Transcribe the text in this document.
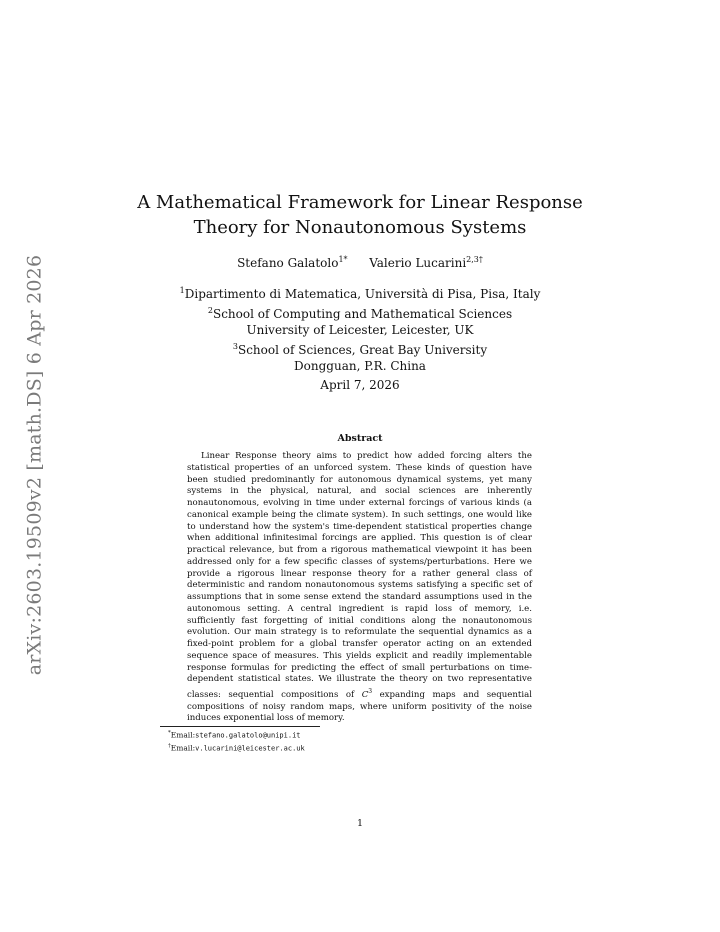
arXiv:2603.19509v2 [math.DS] 6 Apr 2026
A Mathematical Framework for Linear Response
Theory for Nonautonomous Systems
Stefano Galatolo$^{1*}$ Valerio Lucarini$^{2,3\dagger}$
$^1$Dipartimento di Matematica, Università di Pisa, Pisa, Italy
$^2$School of Computing and Mathematical Sciences
University of Leicester, Leicester, UK
$^3$School of Sciences, Great Bay University
Dongguan, P.R. China
April 7, 2026
Abstract
Linear Response theory aims to predict how added forcing alters the statistical properties of an unforced system. These kinds of question have been studied predominantly for autonomous dynamical systems, yet many systems in the physical, natural, and social sciences are inherently nonautonomous, evolving in time under external forcings of various kinds (a canonical example being the climate system). In such settings, one would like to understand how the system's time-dependent statistical properties change when additional infinitesimal forcings are applied. This question is of clear practical relevance, but from a rigorous mathematical viewpoint it has been addressed only for a few specific classes of systems/perturbations. Here we provide a rigorous linear response theory for a rather general class of deterministic and random nonautonomous systems satisfying a specific set of assumptions that in some sense extend the standard assumptions used in the autonomous setting. A central ingredient is rapid loss of memory, i.e. sufficiently fast forgetting of initial conditions along the nonautonomous evolution. Our main strategy is to reformulate the sequential dynamics as a fixed-point problem for a global transfer operator acting on an extended sequence space of measures. This yields explicit and readily implementable response formulas for predicting the effect of small perturbations on time-dependent statistical states. We illustrate the theory on two representative classes: sequential compositions of $C^3$ expanding maps and sequential compositions of noisy random maps, where uniform positivity of the noise induces exponential loss of memory.
*Email:stefano.galatolo@unipi.it
†Email:v.lucarini@leicester.ac.uk
1
